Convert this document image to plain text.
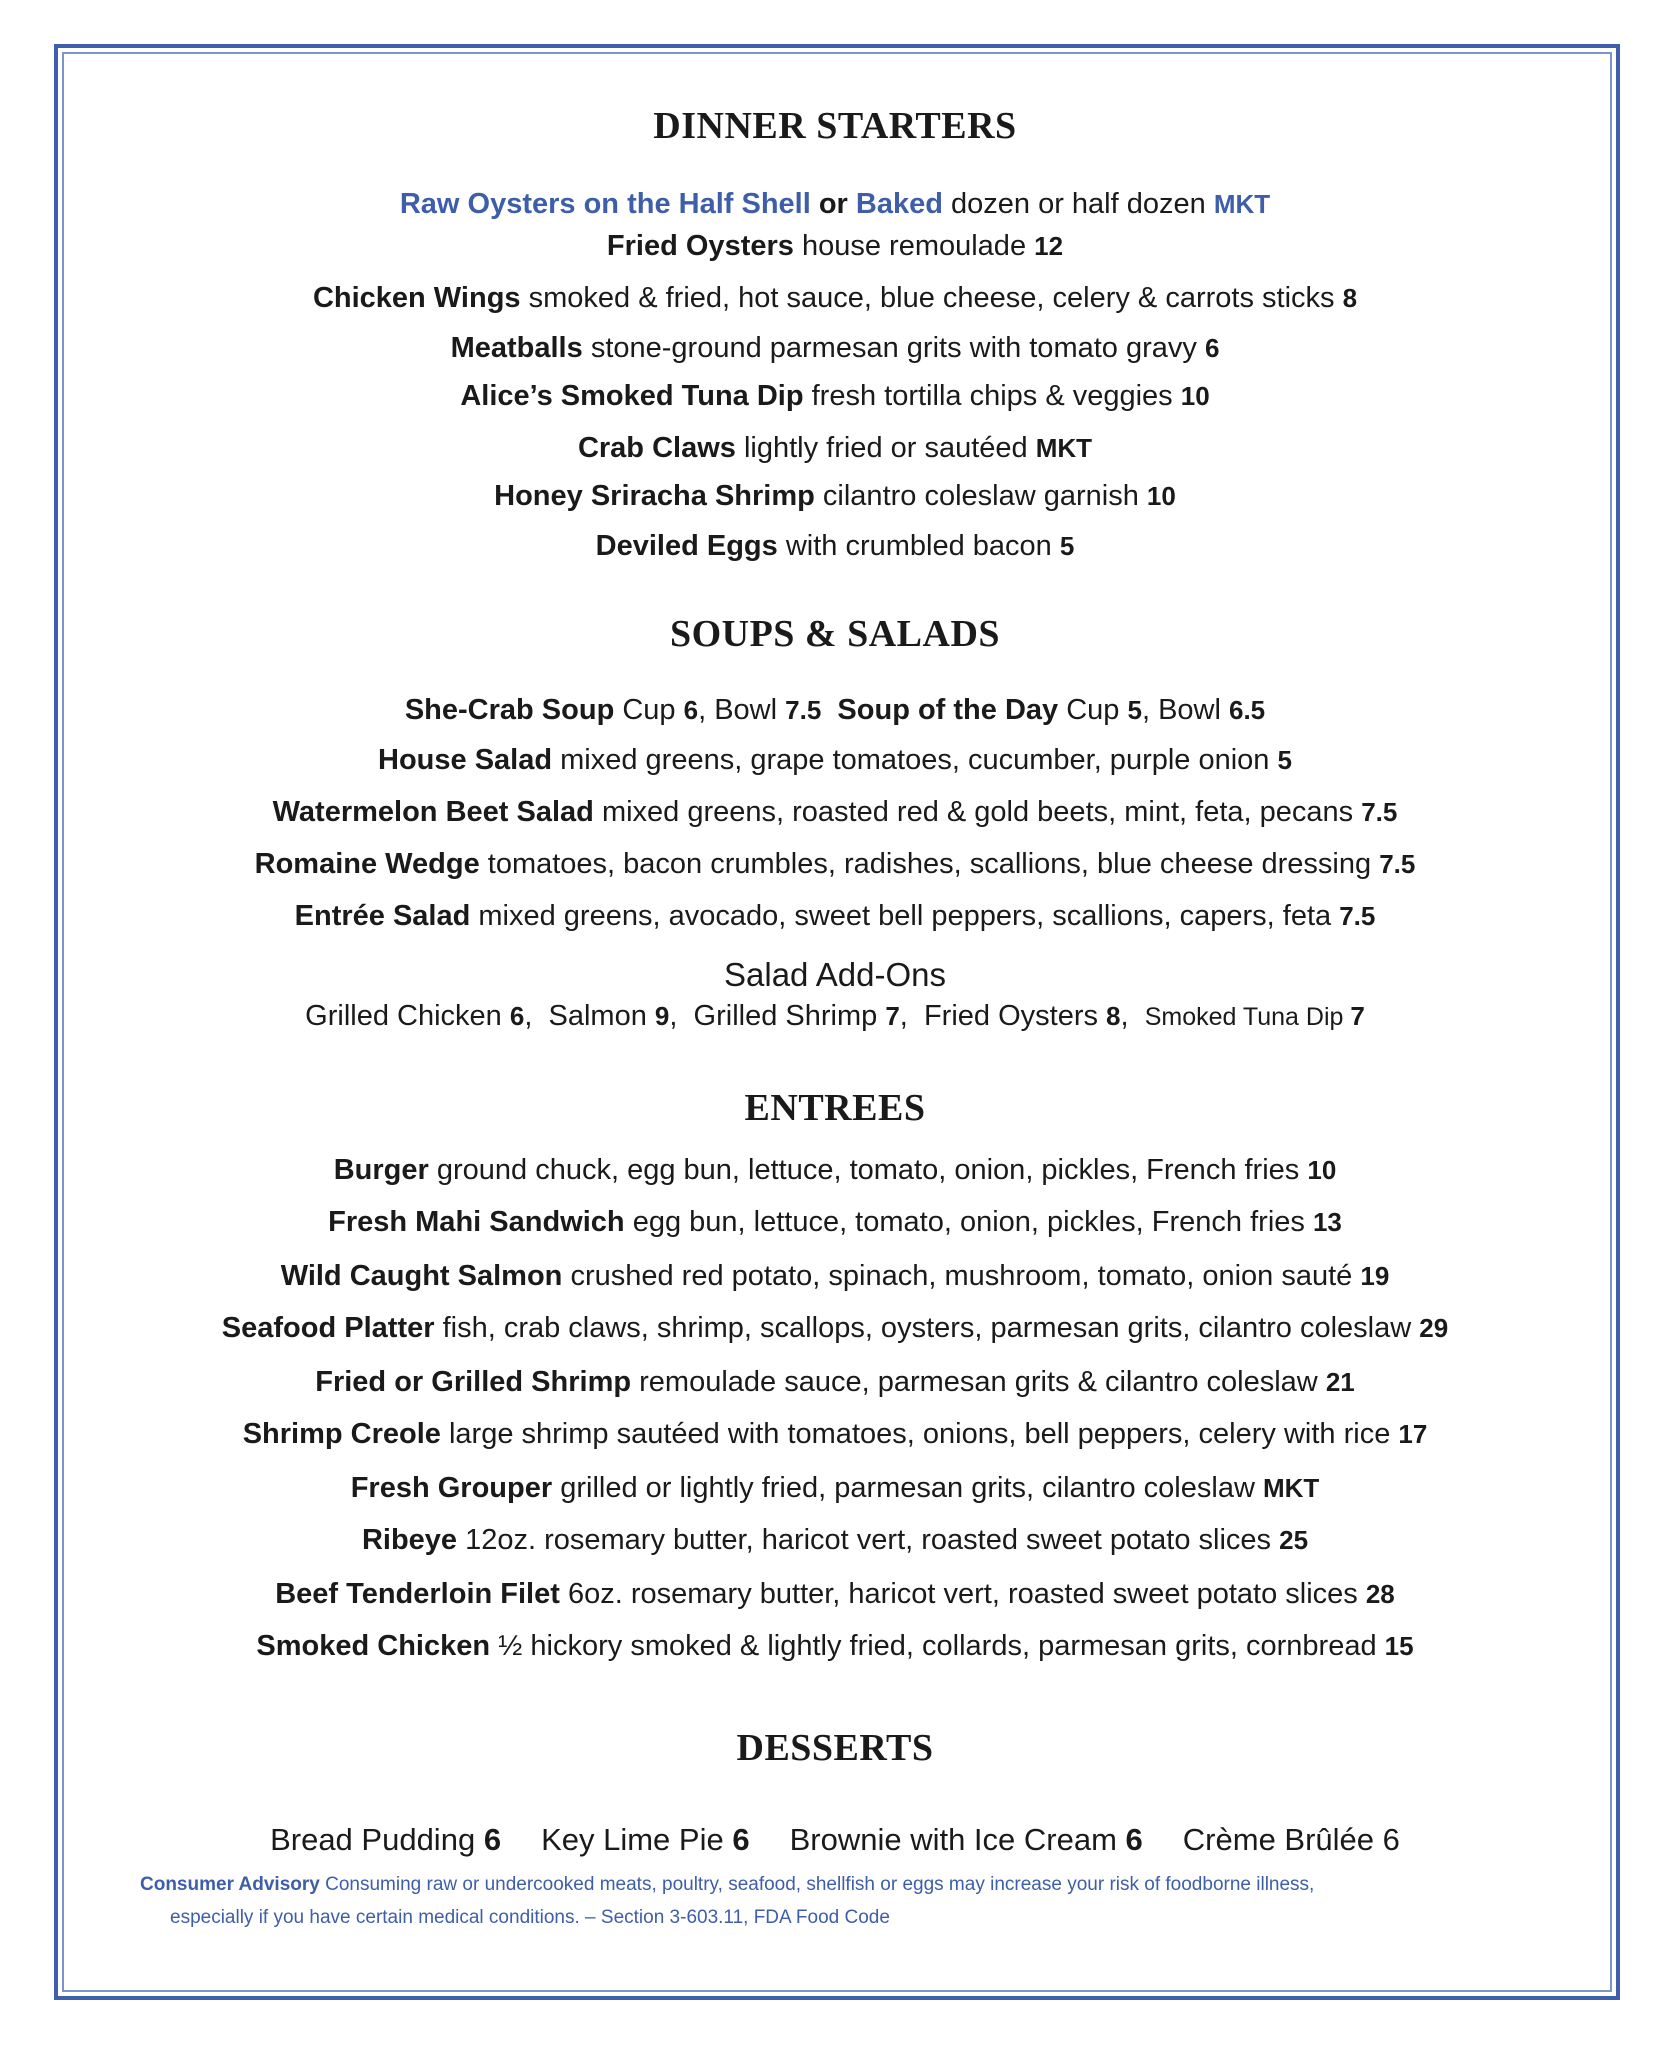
DINNER STARTERS
Raw Oysters on the Half Shell or Baked dozen or half dozen MKT
Fried Oysters house remoulade 12
Chicken Wings smoked & fried, hot sauce, blue cheese, celery & carrots sticks 8
Meatballs stone-ground parmesan grits with tomato gravy 6
Alice’s Smoked Tuna Dip fresh tortilla chips & veggies 10
Crab Claws lightly fried or sautéed MKT
Honey Sriracha Shrimp cilantro coleslaw garnish 10
Deviled Eggs with crumbled bacon 5
SOUPS & SALADS
She-Crab Soup Cup 6, Bowl 7.5 Soup of the Day Cup 5, Bowl 6.5
House Salad mixed greens, grape tomatoes, cucumber, purple onion 5
Watermelon Beet Salad mixed greens, roasted red & gold beets, mint, feta, pecans 7.5
Romaine Wedge tomatoes, bacon crumbles, radishes, scallions, blue cheese dressing 7.5
Entrée Salad mixed greens, avocado, sweet bell peppers, scallions, capers, feta 7.5
Salad Add-Ons
Grilled Chicken 6,  Salmon 9,  Grilled Shrimp 7,  Fried Oysters 8,  Smoked Tuna Dip 7
ENTREES
Burger ground chuck, egg bun, lettuce, tomato, onion, pickles, French fries 10
Fresh Mahi Sandwich egg bun, lettuce, tomato, onion, pickles, French fries 13
Wild Caught Salmon crushed red potato, spinach, mushroom, tomato, onion sauté 19
Seafood Platter fish, crab claws, shrimp, scallops, oysters, parmesan grits, cilantro coleslaw 29
Fried or Grilled Shrimp remoulade sauce, parmesan grits & cilantro coleslaw 21
Shrimp Creole large shrimp sautéed with tomatoes, onions, bell peppers, celery with rice 17
Fresh Grouper grilled or lightly fried, parmesan grits, cilantro coleslaw MKT
Ribeye 12oz. rosemary butter, haricot vert, roasted sweet potato slices 25
Beef Tenderloin Filet 6oz. rosemary butter, haricot vert, roasted sweet potato slices 28
Smoked Chicken ½ hickory smoked & lightly fried, collards, parmesan grits, cornbread 15
DESSERTS
Bread Pudding 6 Key Lime Pie 6 Brownie with Ice Cream 6 Crème Brûlée 6
Consumer Advisory Consuming raw or undercooked meats, poultry, seafood, shellfish or eggs may increase your risk of foodborne illness,
especially if you have certain medical conditions. – Section 3-603.11, FDA Food Code
